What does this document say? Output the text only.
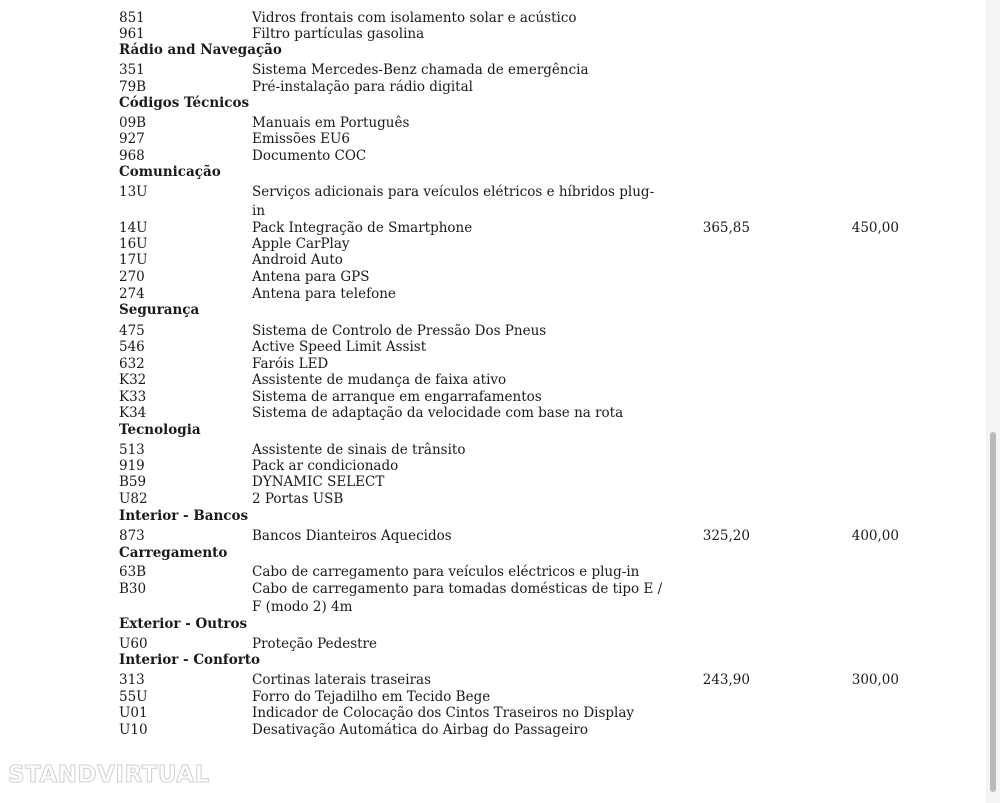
851	Vidros frontais com isolamento solar e acústico
961	Filtro partículas gasolina
Rádio and Navegação
351	Sistema Mercedes-Benz chamada de emergência
79B	Pré-instalação para rádio digital
Códigos Técnicos
09B	Manuais em Português
927	Emissões EU6
968	Documento COC
Comunicação
13U	Serviços adicionais para veículos elétricos e híbridos plug-
in
14U	Pack Integração de Smartphone	365,85	450,00
16U	Apple CarPlay
17U	Android Auto
270	Antena para GPS
274	Antena para telefone
Segurança
475	Sistema de Controlo de Pressão Dos Pneus
546	Active Speed Limit Assist
632	Faróis LED
K32	Assistente de mudança de faixa ativo
K33	Sistema de arranque em engarrafamentos
K34	Sistema de adaptação da velocidade com base na rota
Tecnologia
513	Assistente de sinais de trânsito
919	Pack ar condicionado
B59	DYNAMIC SELECT
U82	2 Portas USB
Interior - Bancos
873	Bancos Dianteiros Aquecidos	325,20	400,00
Carregamento
63B	Cabo de carregamento para veículos eléctricos e plug-in
B30	Cabo de carregamento para tomadas domésticas de tipo E /
F (modo 2) 4m
Exterior - Outros
U60	Proteção Pedestre
Interior - Conforto
313	Cortinas laterais traseiras	243,90	300,00
55U	Forro do Tejadilho em Tecido Bege
U01	Indicador de Colocação dos Cintos Traseiros no Display
U10	Desativação Automática do Airbag do Passageiro
STANDVIRTUAL
